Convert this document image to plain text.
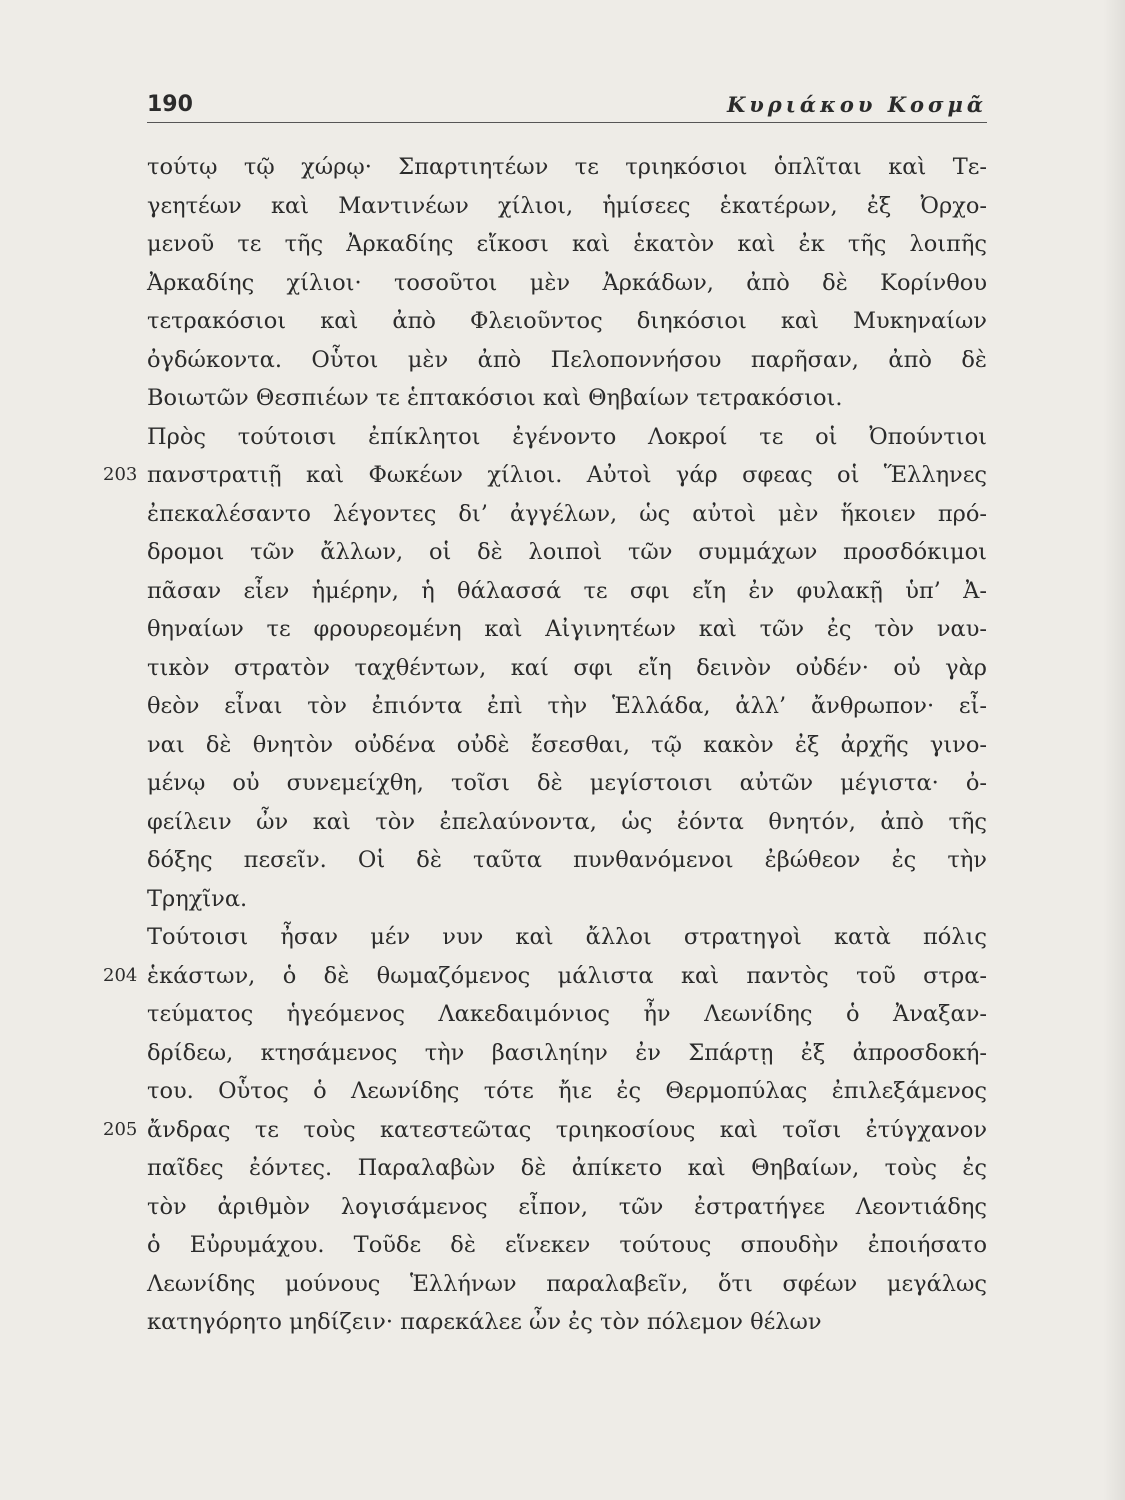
190	Κυριάκου Κοσμᾶ
203
204
205
τούτῳ τῷ χώρῳ· Σπαρτιητέων τε τριηκόσιοι ὁπλῖται καὶ Τε-
γεητέων καὶ Μαντινέων χίλιοι, ἡμίσεες ἑκατέρων, ἐξ Ὀρχο-
μενοῦ τε τῆς Ἀρκαδίης εἴκοσι καὶ ἑκατὸν καὶ ἐκ τῆς λοιπῆς
Ἀρκαδίης χίλιοι· τοσοῦτοι μὲν Ἀρκάδων, ἀπὸ δὲ Κορίνθου
τετρακόσιοι καὶ ἀπὸ Φλειοῦντος διηκόσιοι καὶ Μυκηναίων
ὀγδώκοντα. Οὗτοι μὲν ἀπὸ Πελοποννήσου παρῆσαν, ἀπὸ δὲ
Βοιωτῶν Θεσπιέων τε ἑπτακόσιοι καὶ Θηβαίων τετρακόσιοι.
Πρὸς τούτοισι ἐπίκλητοι ἐγένοντο Λοκροί τε οἱ Ὀπούντιοι
πανστρατιῇ καὶ Φωκέων χίλιοι. Αὐτοὶ γάρ σφεας οἱ Ἕλληνες
ἐπεκαλέσαντο λέγοντες δι’ ἀγγέλων, ὡς αὐτοὶ μὲν ἥκοιεν πρό-
δρομοι τῶν ἄλλων, οἱ δὲ λοιποὶ τῶν συμμάχων προσδόκιμοι
πᾶσαν εἶεν ἡμέρην, ἡ θάλασσά τε σφι εἴη ἐν φυλακῇ ὑπ’ Ἀ-
θηναίων τε φρουρεομένη καὶ Αἰγινητέων καὶ τῶν ἐς τὸν ναυ-
τικὸν στρατὸν ταχθέντων, καί σφι εἴη δεινὸν οὐδέν· οὐ γὰρ
θεὸν εἶναι τὸν ἐπιόντα ἐπὶ τὴν Ἑλλάδα, ἀλλ’ ἄνθρωπον· εἶ-
ναι δὲ θνητὸν οὐδένα οὐδὲ ἔσεσθαι, τῷ κακὸν ἐξ ἀρχῆς γινο-
μένῳ οὐ συνεμείχθη, τοῖσι δὲ μεγίστοισι αὐτῶν μέγιστα· ὀ-
φείλειν ὦν καὶ τὸν ἐπελαύνοντα, ὡς ἐόντα θνητόν, ἀπὸ τῆς
δόξης πεσεῖν. Οἱ δὲ ταῦτα πυνθανόμενοι ἐβώθεον ἐς τὴν
Τρηχῖνα.
Τούτοισι ἦσαν μέν νυν καὶ ἄλλοι στρατηγοὶ κατὰ πόλις
ἑκάστων, ὁ δὲ θωμαζόμενος μάλιστα καὶ παντὸς τοῦ στρα-
τεύματος ἡγεόμενος Λακεδαιμόνιος ἦν Λεωνίδης ὁ Ἀναξαν-
δρίδεω, κτησάμενος τὴν βασιληίην ἐν Σπάρτῃ ἐξ ἀπροσδοκή-
του. Οὗτος ὁ Λεωνίδης τότε ἤιε ἐς Θερμοπύλας ἐπιλεξάμενος
ἄνδρας τε τοὺς κατεστεῶτας τριηκοσίους καὶ τοῖσι ἐτύγχανον
παῖδες ἐόντες. Παραλαβὼν δὲ ἀπίκετο καὶ Θηβαίων, τοὺς ἐς
τὸν ἀριθμὸν λογισάμενος εἶπον, τῶν ἐστρατήγεε Λεοντιάδης
ὁ Εὐρυμάχου. Τοῦδε δὲ εἵνεκεν τούτους σπουδὴν ἐποιήσατο
Λεωνίδης μούνους Ἑλλήνων παραλαβεῖν, ὅτι σφέων μεγάλως
κατηγόρητο μηδίζειν· παρεκάλεε ὦν ἐς τὸν πόλεμον θέλων
